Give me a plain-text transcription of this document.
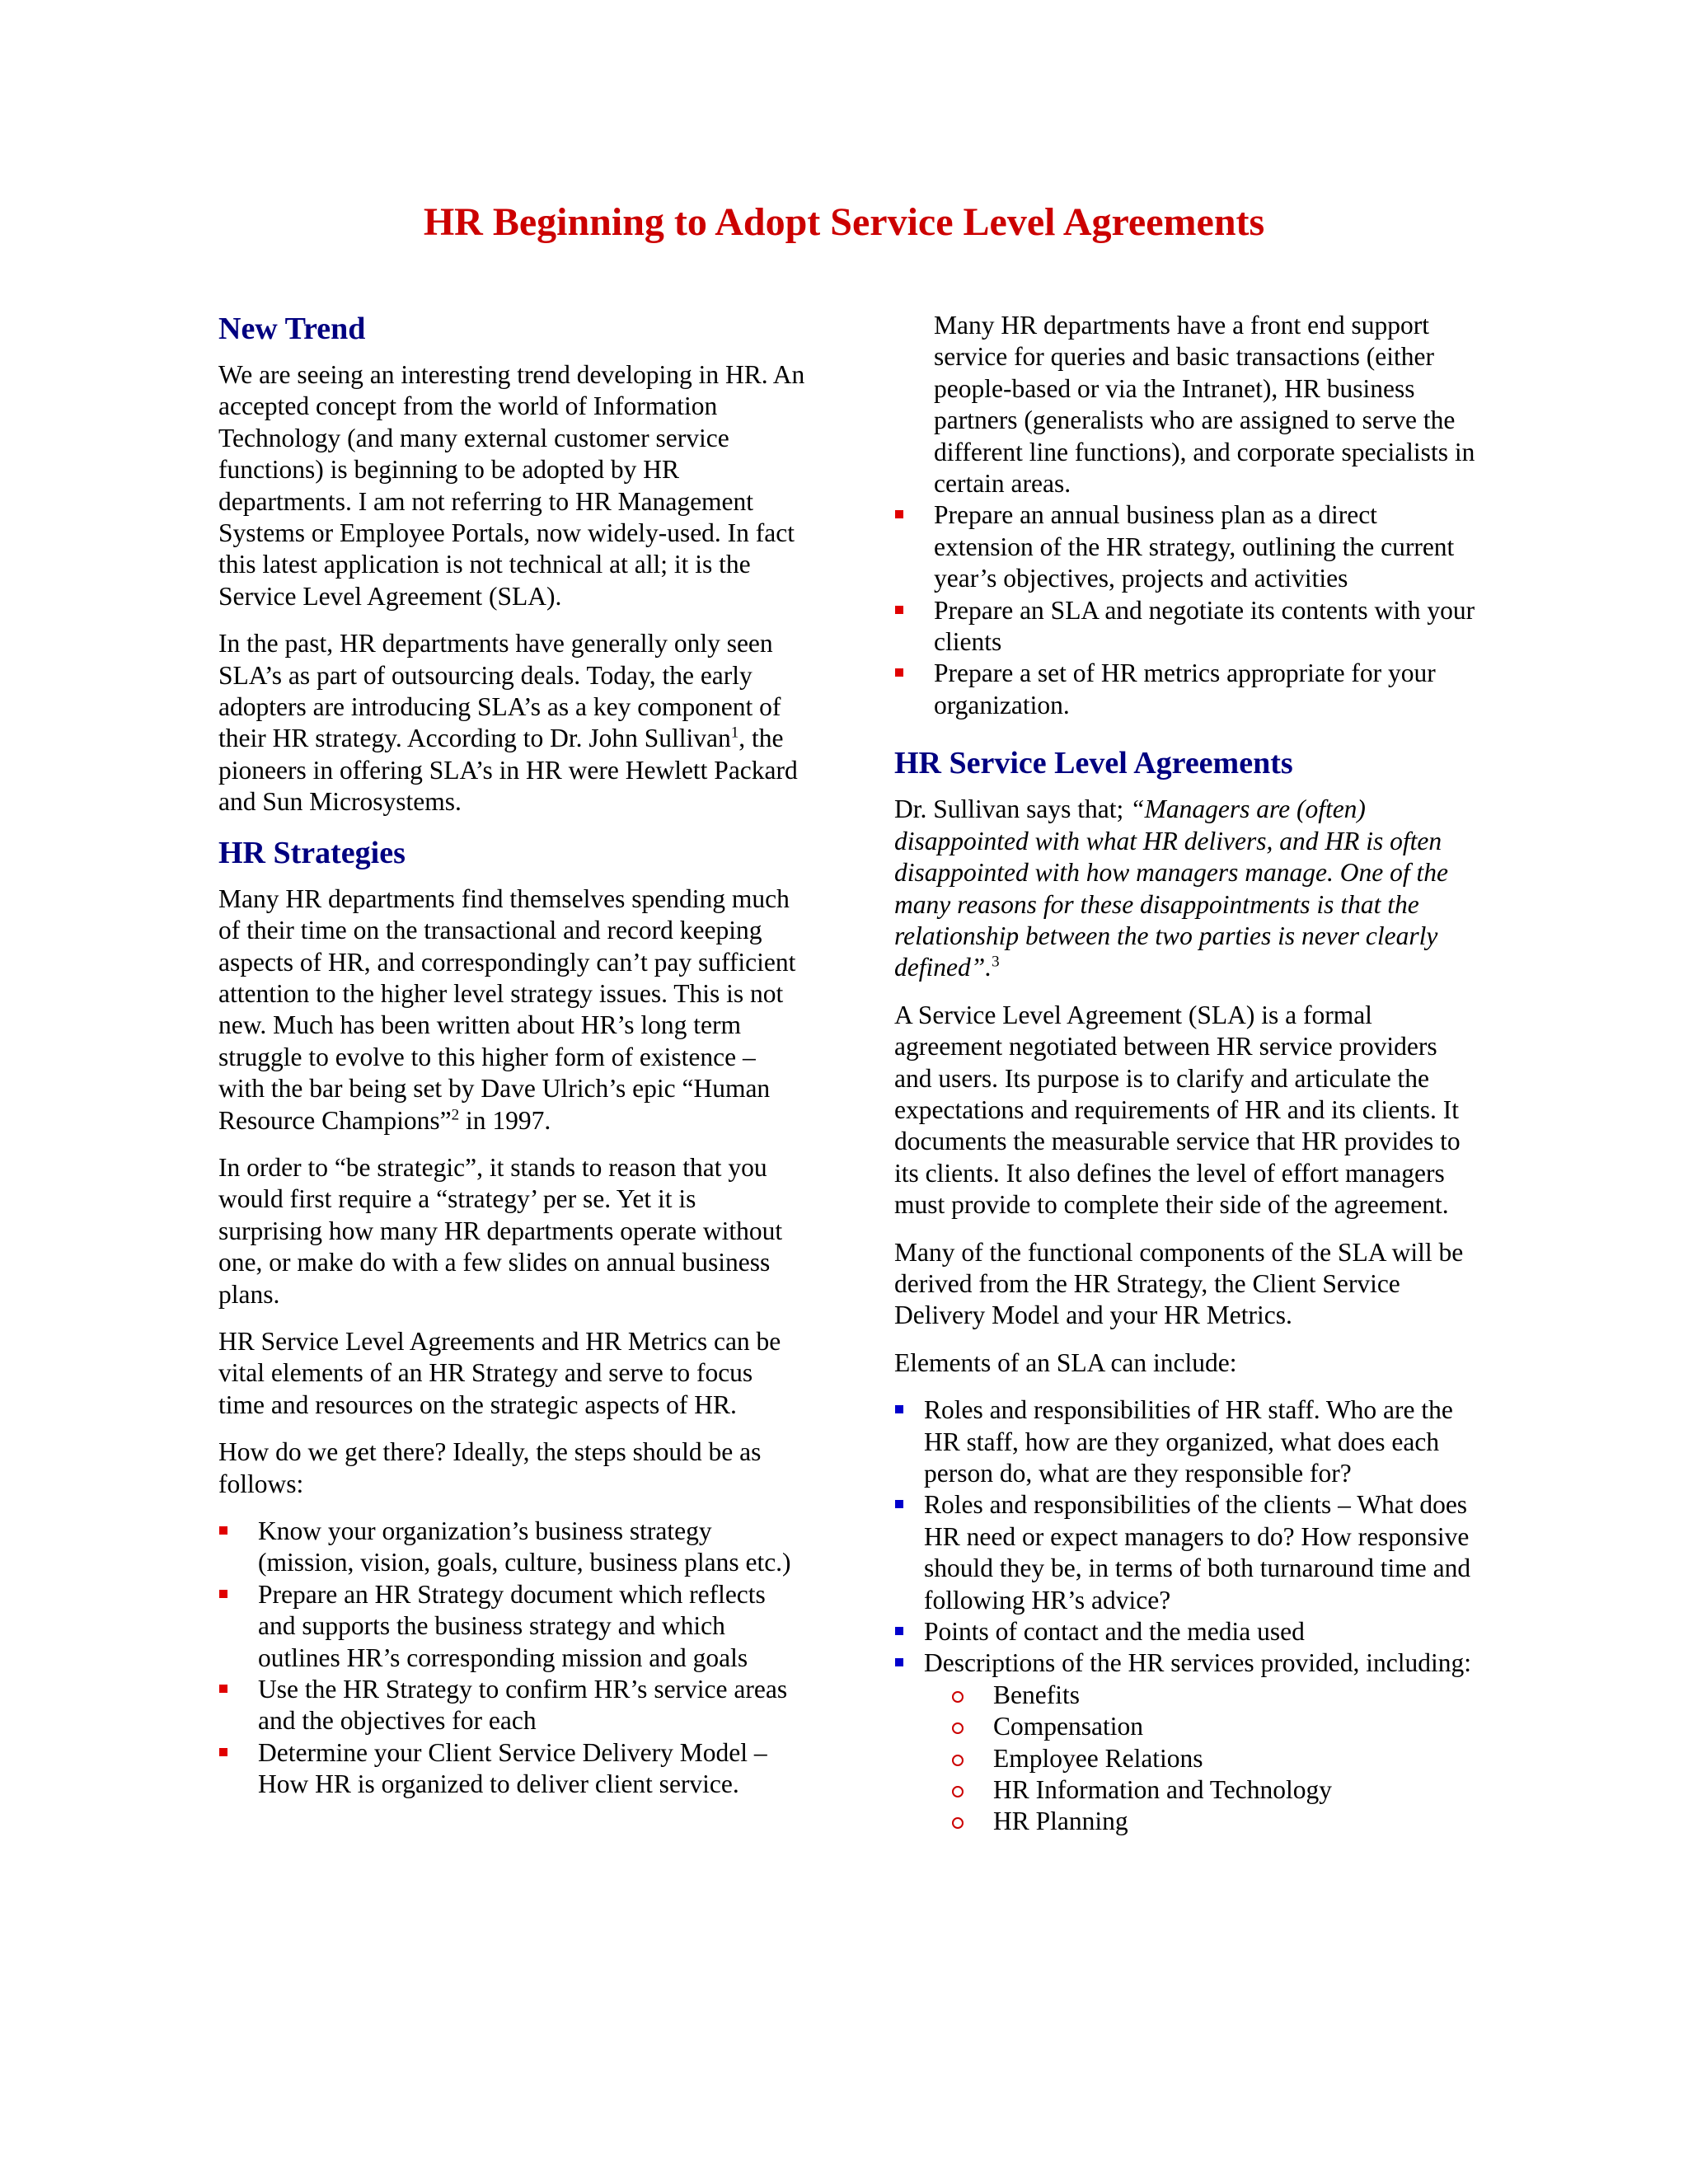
HR Beginning to Adopt Service Level Agreements
New Trend

We are seeing an interesting trend developing in HR. An accepted concept from the world of Information Technology (and many external customer service functions) is beginning to be adopted by HR departments. I am not referring to HR Management Systems or Employee Portals, now widely-used. In fact this latest application is not technical at all; it is the Service Level Agreement (SLA).

In the past, HR departments have generally only seen SLA’s as part of outsourcing deals. Today, the early adopters are introducing SLA’s as a key component of their HR strategy. According to Dr. John Sullivan$^1$, the pioneers in offering SLA’s in HR were Hewlett Packard and Sun Microsystems.

HR Strategies

Many HR departments find themselves spending much of their time on the transactional and record keeping aspects of HR, and correspondingly can’t pay sufficient attention to the higher level strategy issues. This is not new. Much has been written about HR’s long term struggle to evolve to this higher form of existence – with the bar being set by Dave Ulrich’s epic “Human Resource Champions”$^2$ in 1997.

In order to “be strategic”, it stands to reason that you would first require a “strategy’ per se. Yet it is surprising how many HR departments operate without one, or make do with a few slides on annual business plans.

HR Service Level Agreements and HR Metrics can be vital elements of an HR Strategy and serve to focus time and resources on the strategic aspects of HR.

How do we get there? Ideally, the steps should be as follows:

Know your organization’s business strategy (mission, vision, goals, culture, business plans etc.)
Prepare an HR Strategy document which reflects and supports the business strategy and which outlines HR’s corresponding mission and goals
Use the HR Strategy to confirm HR’s service areas and the objectives for each
Determine your Client Service Delivery Model – How HR is organized to deliver client service.

Many HR departments have a front end support service for queries and basic transactions (either people-based or via the Intranet), HR business partners (generalists who are assigned to serve the different line functions), and corporate specialists in certain areas.

Prepare an annual business plan as a direct extension of the HR strategy, outlining the current year’s objectives, projects and activities
Prepare an SLA and negotiate its contents with your clients
Prepare a set of HR metrics appropriate for your organization.
HR Service Level Agreements

Dr. Sullivan says that; “Managers are (often) disappointed with what HR delivers, and HR is often disappointed with how managers manage. One of the many reasons for these disappointments is that the relationship between the two parties is never clearly defined”.$^3$

A Service Level Agreement (SLA) is a formal agreement negotiated between HR service providers and users. Its purpose is to clarify and articulate the expectations and requirements of HR and its clients. It documents the measurable service that HR provides to its clients. It also defines the level of effort managers must provide to complete their side of the agreement.

Many of the functional components of the SLA will be derived from the HR Strategy, the Client Service Delivery Model and your HR Metrics.

Elements of an SLA can include:

Roles and responsibilities of HR staff. Who are the HR staff, how are they organized, what does each person do, what are they responsible for?
Roles and responsibilities of the clients – What does HR need or expect managers to do? How responsive should they be, in terms of both turnaround time and following HR’s advice?
Points of contact and the media used
Descriptions of the HR services provided, including:
Benefits
Compensation
Employee Relations
HR Information and Technology
HR Planning
